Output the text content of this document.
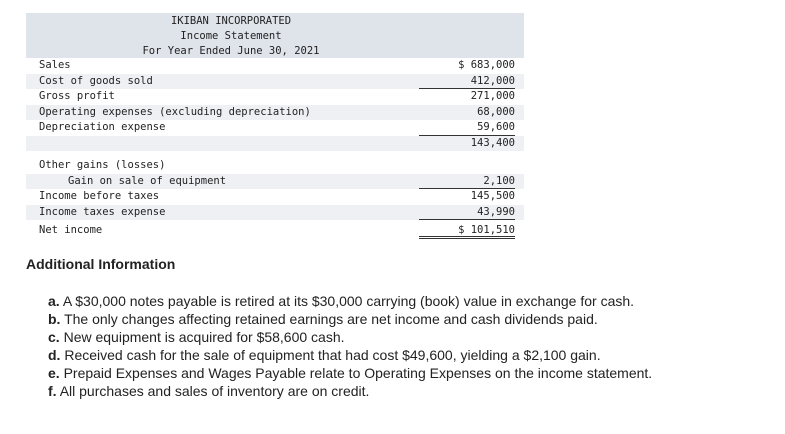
IKIBAN INCORPORATED
Income Statement
For Year Ended June 30, 2021
Sales	$ 683,000
Cost of goods sold	412,000
Gross profit	271,000
Operating expenses (excluding depreciation)	68,000
Depreciation expense	59,600
143,400
Other gains (losses)
Gain on sale of equipment	2,100
Income before taxes	145,500
Income taxes expense	43,990
Net income	$ 101,510
Additional Information
a. A $30,000 notes payable is retired at its $30,000 carrying (book) value in exchange for cash.
b. The only changes affecting retained earnings are net income and cash dividends paid.
c. New equipment is acquired for $58,600 cash.
d. Received cash for the sale of equipment that had cost $49,600, yielding a $2,100 gain.
e. Prepaid Expenses and Wages Payable relate to Operating Expenses on the income statement.
f. All purchases and sales of inventory are on credit.
